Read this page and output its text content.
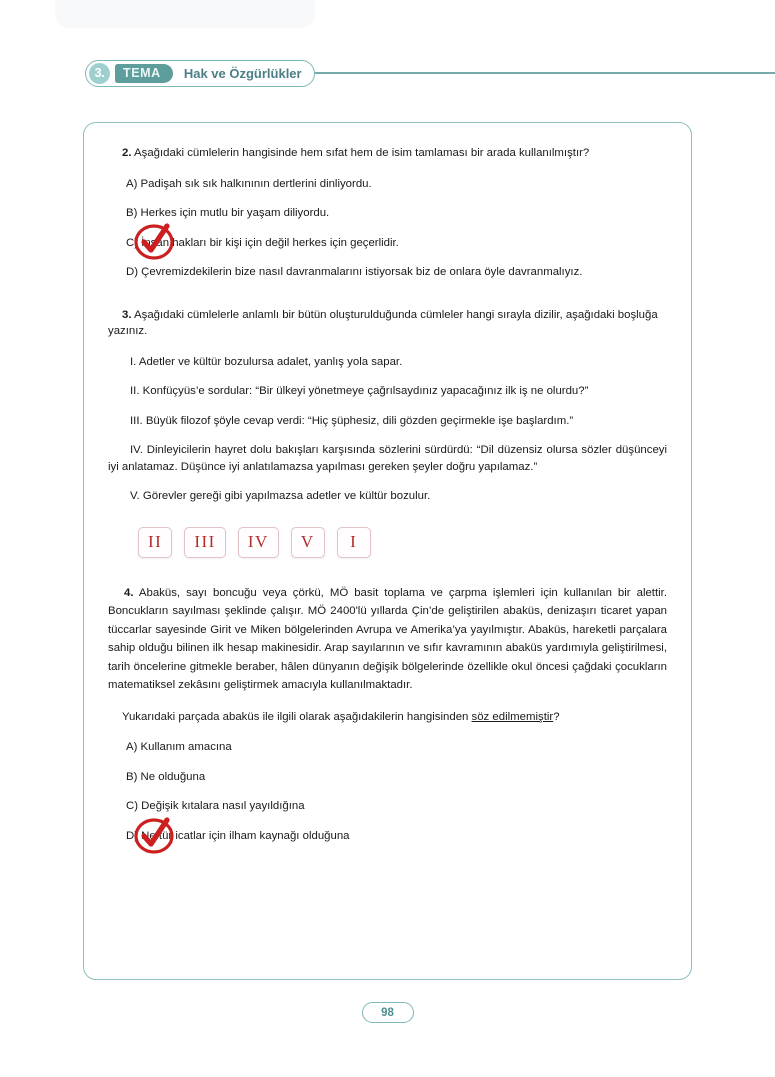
3.	TEMA	Hak ve Özgürlükler

2. Aşağıdaki cümlelerin hangisinde hem sıfat hem de isim tamlaması bir arada kullanılmıştır?

A) Padişah sık sık halkınının dertlerini dinliyordu.

B) Herkes için mutlu bir yaşam diliyordu.

C) İnsan hakları bir kişi için değil herkes için geçerlidir.

D) Çevremizdekilerin bize nasıl davranmalarını istiyorsak biz de onlara öyle davranmalıyız.

3. Aşağıdaki cümlelerle anlamlı bir bütün oluşturulduğunda cümleler hangi sırayla dizilir, aşağıdaki boşluğa yazınız.

I. Adetler ve kültür bozulursa adalet, yanlış yola sapar.

II. Konfüçyüs’e sordular: “Bir ülkeyi yönetmeye çağrılsaydınız yapacağınız ilk iş ne olurdu?”

III. Büyük filozof şöyle cevap verdi: “Hiç şüphesiz, dili gözden geçirmekle işe başlardım.”

IV. Dinleyicilerin hayret dolu bakışları karşısında sözlerini sürdürdü: “Dil düzensiz olursa sözler düşünceyi iyi anlatamaz. Düşünce iyi anlatılamazsa yapılması gereken şeyler doğru yapılamaz.”

V. Görevler gereği gibi yapılmazsa adetler ve kültür bozulur.

II	III	IV	V	I

4. Abaküs, sayı boncuğu veya çörkü, MÖ basit toplama ve çarpma işlemleri için kullanılan bir alettir. Boncukların sayılması şeklinde çalışır. MÖ 2400'lü yıllarda Çin’de geliştirilen abaküs, denizaşırı ticaret yapan tüccarlar sayesinde Girit ve Miken bölgelerinden Avrupa ve Amerika’ya yayılmıştır. Abaküs, hareketli parçalara sahip olduğu bilinen ilk hesap makinesidir. Arap sayılarının ve sıfır kavramının abaküs yardımıyla geliştirilmesi, tarih öncelerine gitmekle beraber, hâlen dünyanın değişik bölgelerinde özellikle okul öncesi çağdaki çocukların matematiksel zekâsını geliştirmek amacıyla kullanılmaktadır.

Yukarıdaki parçada abaküs ile ilgili olarak aşağıdakilerin hangisinden söz edilmemiştir?

A) Kullanım amacına

B) Ne olduğuna

C) Değişik kıtalara nasıl yayıldığına

D) Ne tür icatlar için ilham kaynağı olduğuna

98
